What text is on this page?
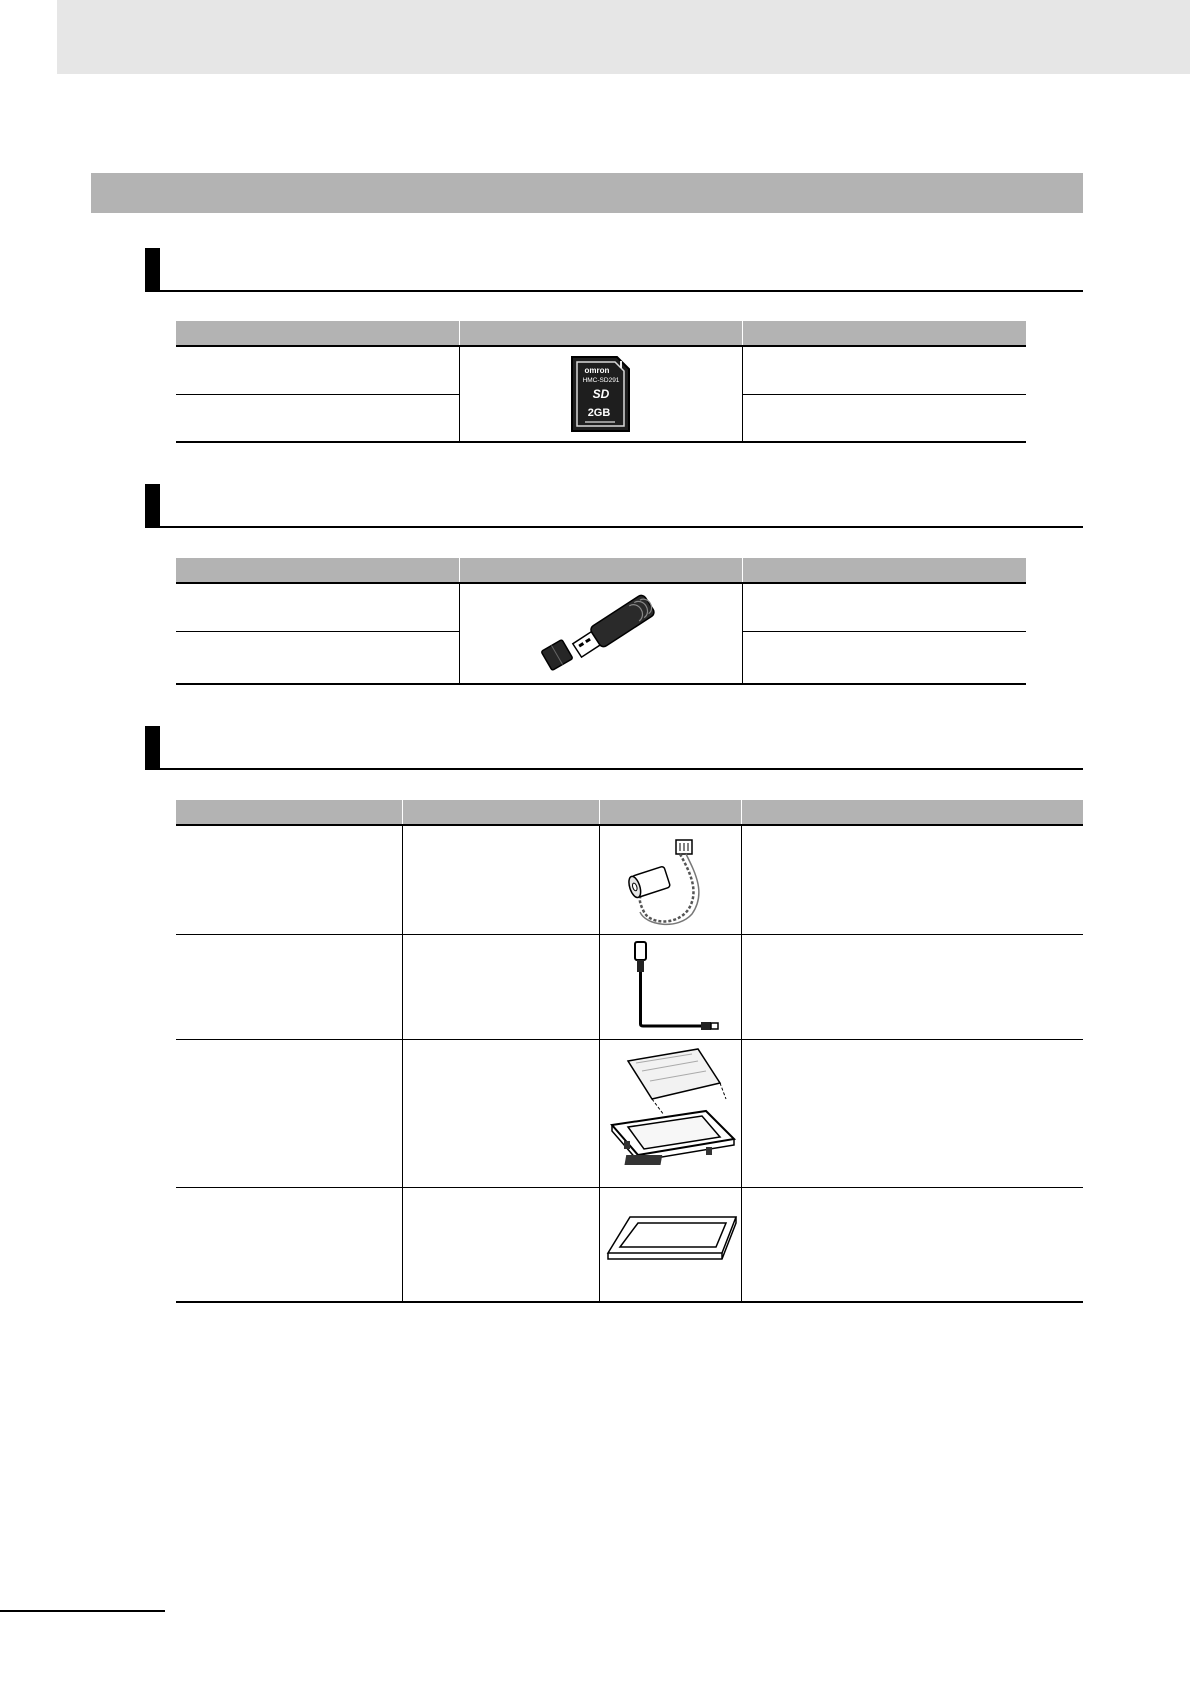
omron
HMC-SD291
SD
2GB	
